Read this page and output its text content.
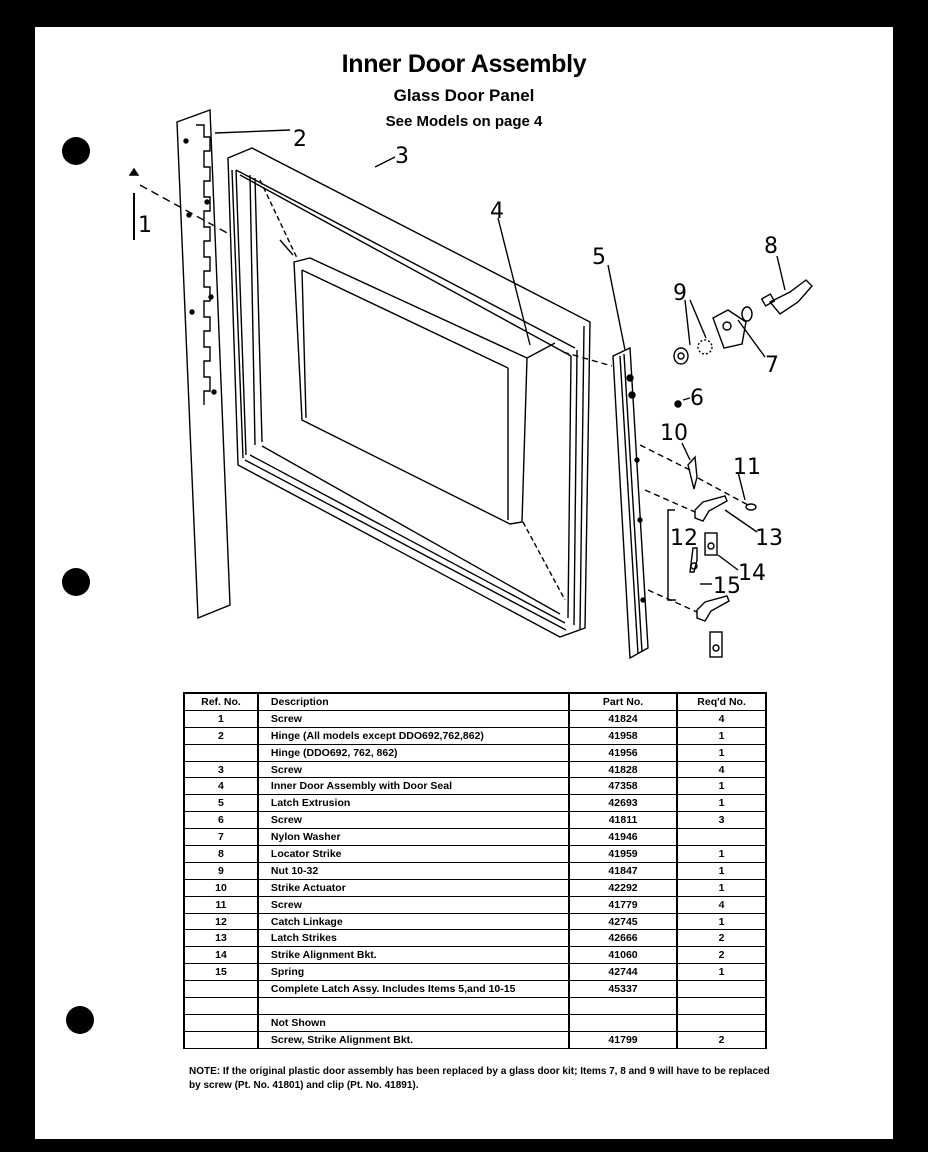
Inner Door Assembly
Glass Door Panel
See Models on page 4
1
2
3
4
5
6
7
8
9
10
11
12	13
14
15
Ref. No.	Description	Part No.	Req'd No.
1	Screw	41824	4
2	Hinge (All models except DDO692,762,862)	41958	1
	Hinge (DDO692, 762, 862)	41956	1
3	Screw	41828	4
4	Inner Door Assembly with Door Seal	47358	1
5	Latch Extrusion	42693	1
6	Screw	41811	3
7	Nylon Washer	41946	
8	Locator Strike	41959	1
9	Nut 10-32	41847	1
10	Strike Actuator	42292	1
11	Screw	41779	4
12	Catch Linkage	42745	1
13	Latch Strikes	42666	2
14	Strike Alignment Bkt.	41060	2
15	Spring	42744	1
	Complete Latch Assy. Includes Items 5,and 10-15	45337	

	Not Shown		
	Screw, Strike Alignment Bkt.	41799	2
NOTE: If the original plastic door assembly has been replaced by a glass door kit; Items 7, 8 and 9 will have to be replaced by screw (Pt. No. 41801) and clip (Pt. No. 41891).
